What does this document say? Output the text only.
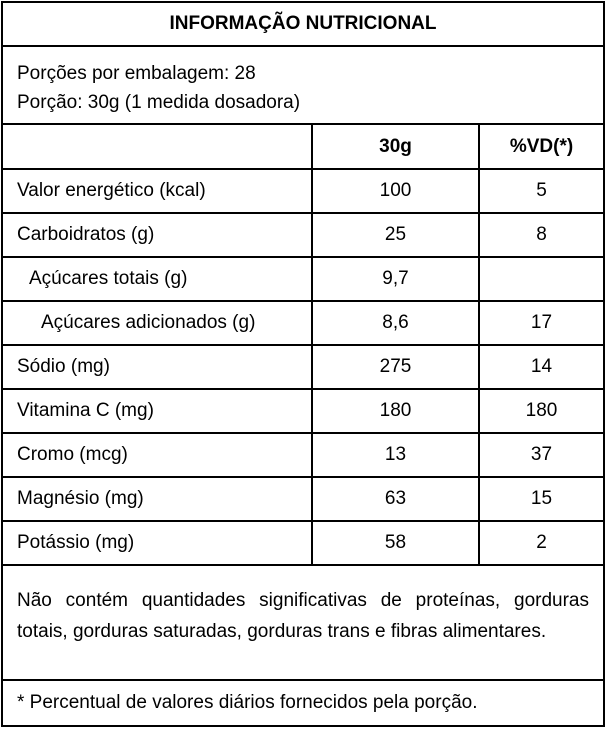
INFORMAÇÃO NUTRICIONAL
Porções por embalagem: 28
Porção: 30g (1 medida dosadora)
	30g	%VD(*)
Valor energético (kcal)	100	5
Carboidratos (g)	25	8
Açúcares totais (g)	9,7	
Açúcares adicionados (g)	8,6	17
Sódio (mg)	275	14
Vitamina C (mg)	180	180
Cromo (mcg)	13	37
Magnésio (mg)	63	15
Potássio (mg)	58	2
Não contém quantidades significativas de proteínas, gorduras totais, gorduras saturadas, gorduras trans e fibras alimentares.
* Percentual de valores diários fornecidos pela porção.
